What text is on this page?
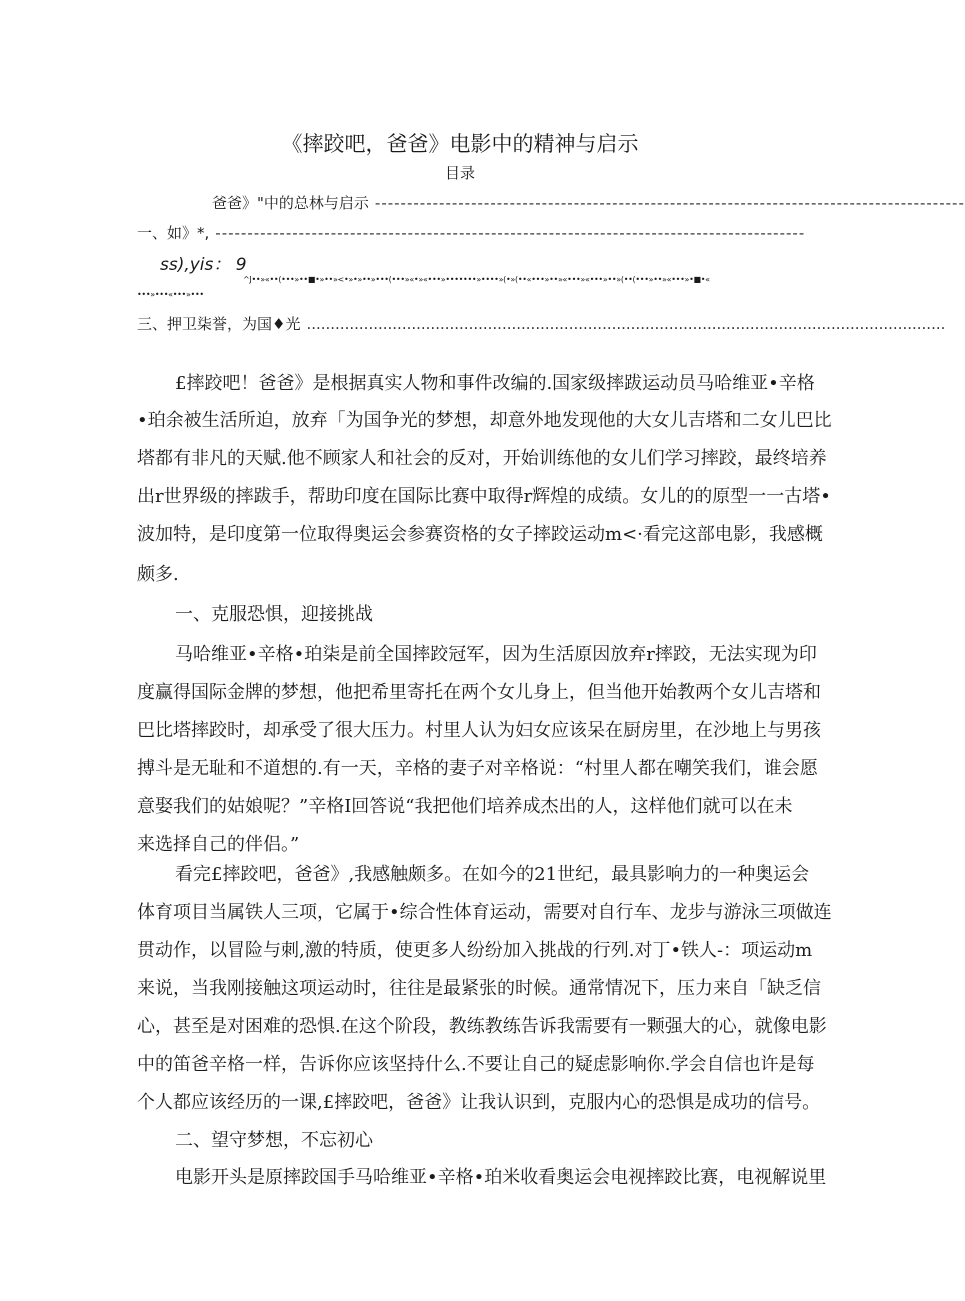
《摔跤吧，爸爸》电影中的精神与启示
目录
爸爸》"中的总林与启示 --------------------------------------------------------------------------------------------
一、如》*, --------------------------------------------------------------------------------------------
ss),yis： 9
^J••»«••(•••»••■•»••»<•»•»••»•••(•••»«•»«•••»•••••••»••••»(•»(••«•••»••»«•••»«•••»••»(••(•••»••»«•••»•■•«
•••»•••«•••»•••
三、押卫柒誉，为国♦光 ......................................................................................................................................
£摔跤吧！爸爸》是根据真实人物和事件改编的.国家级摔跋运动员马哈维亚•辛格
•珀余被生活所迫，放弃「为国争光的梦想，却意外地发现他的大女儿吉塔和二女儿巴比
塔都有非凡的天赋.他不顾家人和社会的反对，开始训练他的女儿们学习摔跤，最终培养
出r世界级的摔跋手，帮助印度在国际比赛中取得r辉煌的成绩。女儿的的原型一一古塔•
波加特，是印度第一位取得奥运会参赛资格的女子摔跤运动m<·看完这部电影，我感概
颇多.
一、克服恐惧，迎接挑战
马哈维亚•辛格•珀柒是前全国摔跤冠军，因为生活原因放弃r摔跤，无法实现为印
度赢得国际金牌的梦想，他把希里寄托在两个女儿身上，但当他开始教两个女儿吉塔和
巴比塔摔跤时，却承受了很大压力。村里人认为妇女应该呆在厨房里，在沙地上与男孩
搏斗是无耻和不道想的.有一天，辛格的妻子对辛格说：“村里人都在嘲笑我们，谁会愿
意娶我们的姑娘呢？”辛格I回答说“我把他们培养成杰出的人，这样他们就可以在未
来选择自己的伴侣。”
看完£摔跤吧，爸爸》,我感触颇多。在如今的21世纪，最具影响力的一种奥运会
体育项目当属铁人三项，它属于•综合性体育运动，需要对自行车、龙步与游泳三项做连
贯动作，以冒险与刺,激的特质，使更多人纷纷加入挑战的行列.对丁•铁人-：项运动m
来说，当我刚接触这项运动时，往往是最紧张的时候。通常情况下，压力来自「缺乏信
心，甚至是对困难的恐惧.在这个阶段，教练教练告诉我需要有一颗强大的心，就像电影
中的笛爸辛格一样，告诉你应该坚持什么.不要让自己的疑虑影响你.学会自信也许是每
个人都应该经历的一课,£摔跤吧，爸爸》让我认识到，克服内心的恐惧是成功的信号。
二、望守梦想，不忘初心
电影开头是原摔跤国手马哈维亚•辛格•珀米收看奥运会电视摔跤比赛，电视解说里
